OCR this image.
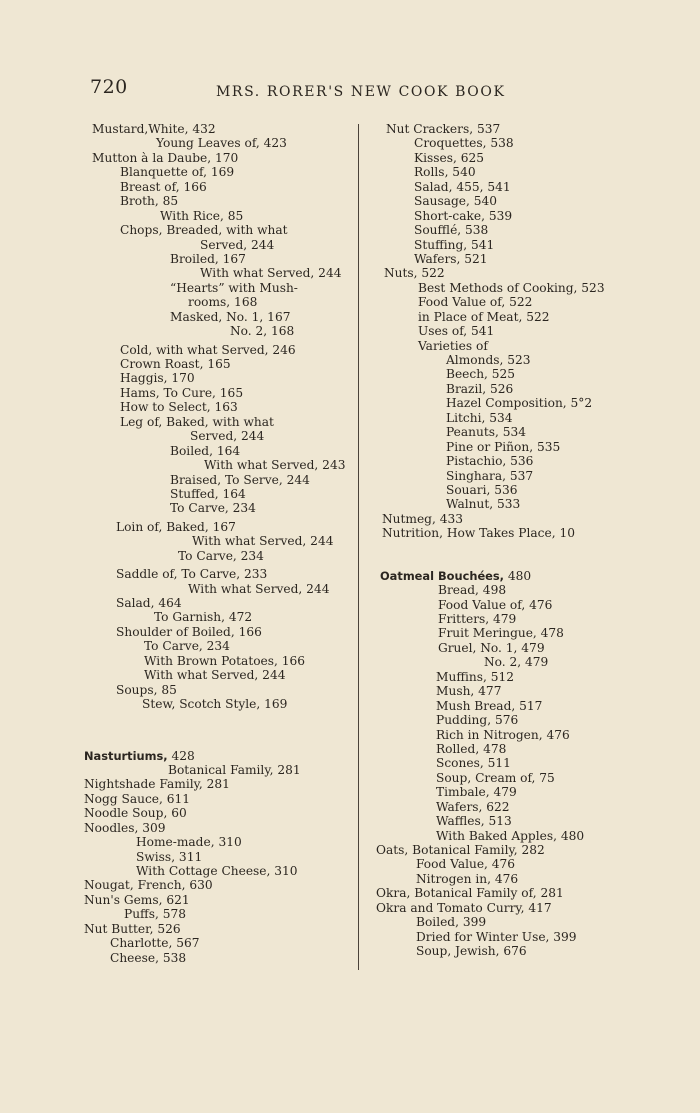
720	MRS. RORER'S NEW COOK BOOK
Mustard,White, 432
Young Leaves of, 423
Mutton à la Daube, 170
Blanquette of, 169
Breast of, 166
Broth, 85
With Rice, 85
Chops, Breaded, with what
Served, 244
Broiled, 167
With what Served, 244
“Hearts” with Mush-
rooms, 168
Masked, No. 1, 167
No. 2, 168
Cold, with what Served, 246
Crown Roast, 165
Haggis, 170
Hams, To Cure, 165
How to Select, 163
Leg of, Baked, with what
Served, 244
Boiled, 164
With what Served, 243
Braised, To Serve, 244
Stuffed, 164
To Carve, 234
Loin of, Baked, 167
With what Served, 244
To Carve, 234
Saddle of, To Carve, 233
With what Served, 244
Salad, 464
To Garnish, 472
Shoulder of Boiled, 166
To Carve, 234
With Brown Potatoes, 166
With what Served, 244
Soups, 85
Stew, Scotch Style, 169
Nasturtiums, 428
Botanical Family, 281
Nightshade Family, 281
Nogg Sauce, 611
Noodle Soup, 60
Noodles, 309
Home-made, 310
Swiss, 311
With Cottage Cheese, 310
Nougat, French, 630
Nun's Gems, 621
Puffs, 578
Nut Butter, 526
Charlotte, 567
Cheese, 538
Nut Crackers, 537
Croquettes, 538
Kisses, 625
Rolls, 540
Salad, 455, 541
Sausage, 540
Short-cake, 539
Soufflé, 538
Stuffing, 541
Wafers, 521
Nuts, 522
Best Methods of Cooking, 523
Food Value of, 522
in Place of Meat, 522
Uses of, 541
Varieties of
Almonds, 523
Beech, 525
Brazil, 526
Hazel Composition, 5°2
Litchi, 534
Peanuts, 534
Pine or Piñon, 535
Pistachio, 536
Singhara, 537
Souari, 536
Walnut, 533
Nutmeg, 433
Nutrition, How Takes Place, 10
Oatmeal Bouchées, 480
Bread, 498
Food Value of, 476
Fritters, 479
Fruit Meringue, 478
Gruel, No. 1, 479
No. 2, 479
Muffins, 512
Mush, 477
Mush Bread, 517
Pudding, 576
Rich in Nitrogen, 476
Rolled, 478
Scones, 511
Soup, Cream of, 75
Timbale, 479
Wafers, 622
Waffles, 513
With Baked Apples, 480
Oats, Botanical Family, 282
Food Value, 476
Nitrogen in, 476
Okra, Botanical Family of, 281
Okra and Tomato Curry, 417
Boiled, 399
Dried for Winter Use, 399
Soup, Jewish, 676
